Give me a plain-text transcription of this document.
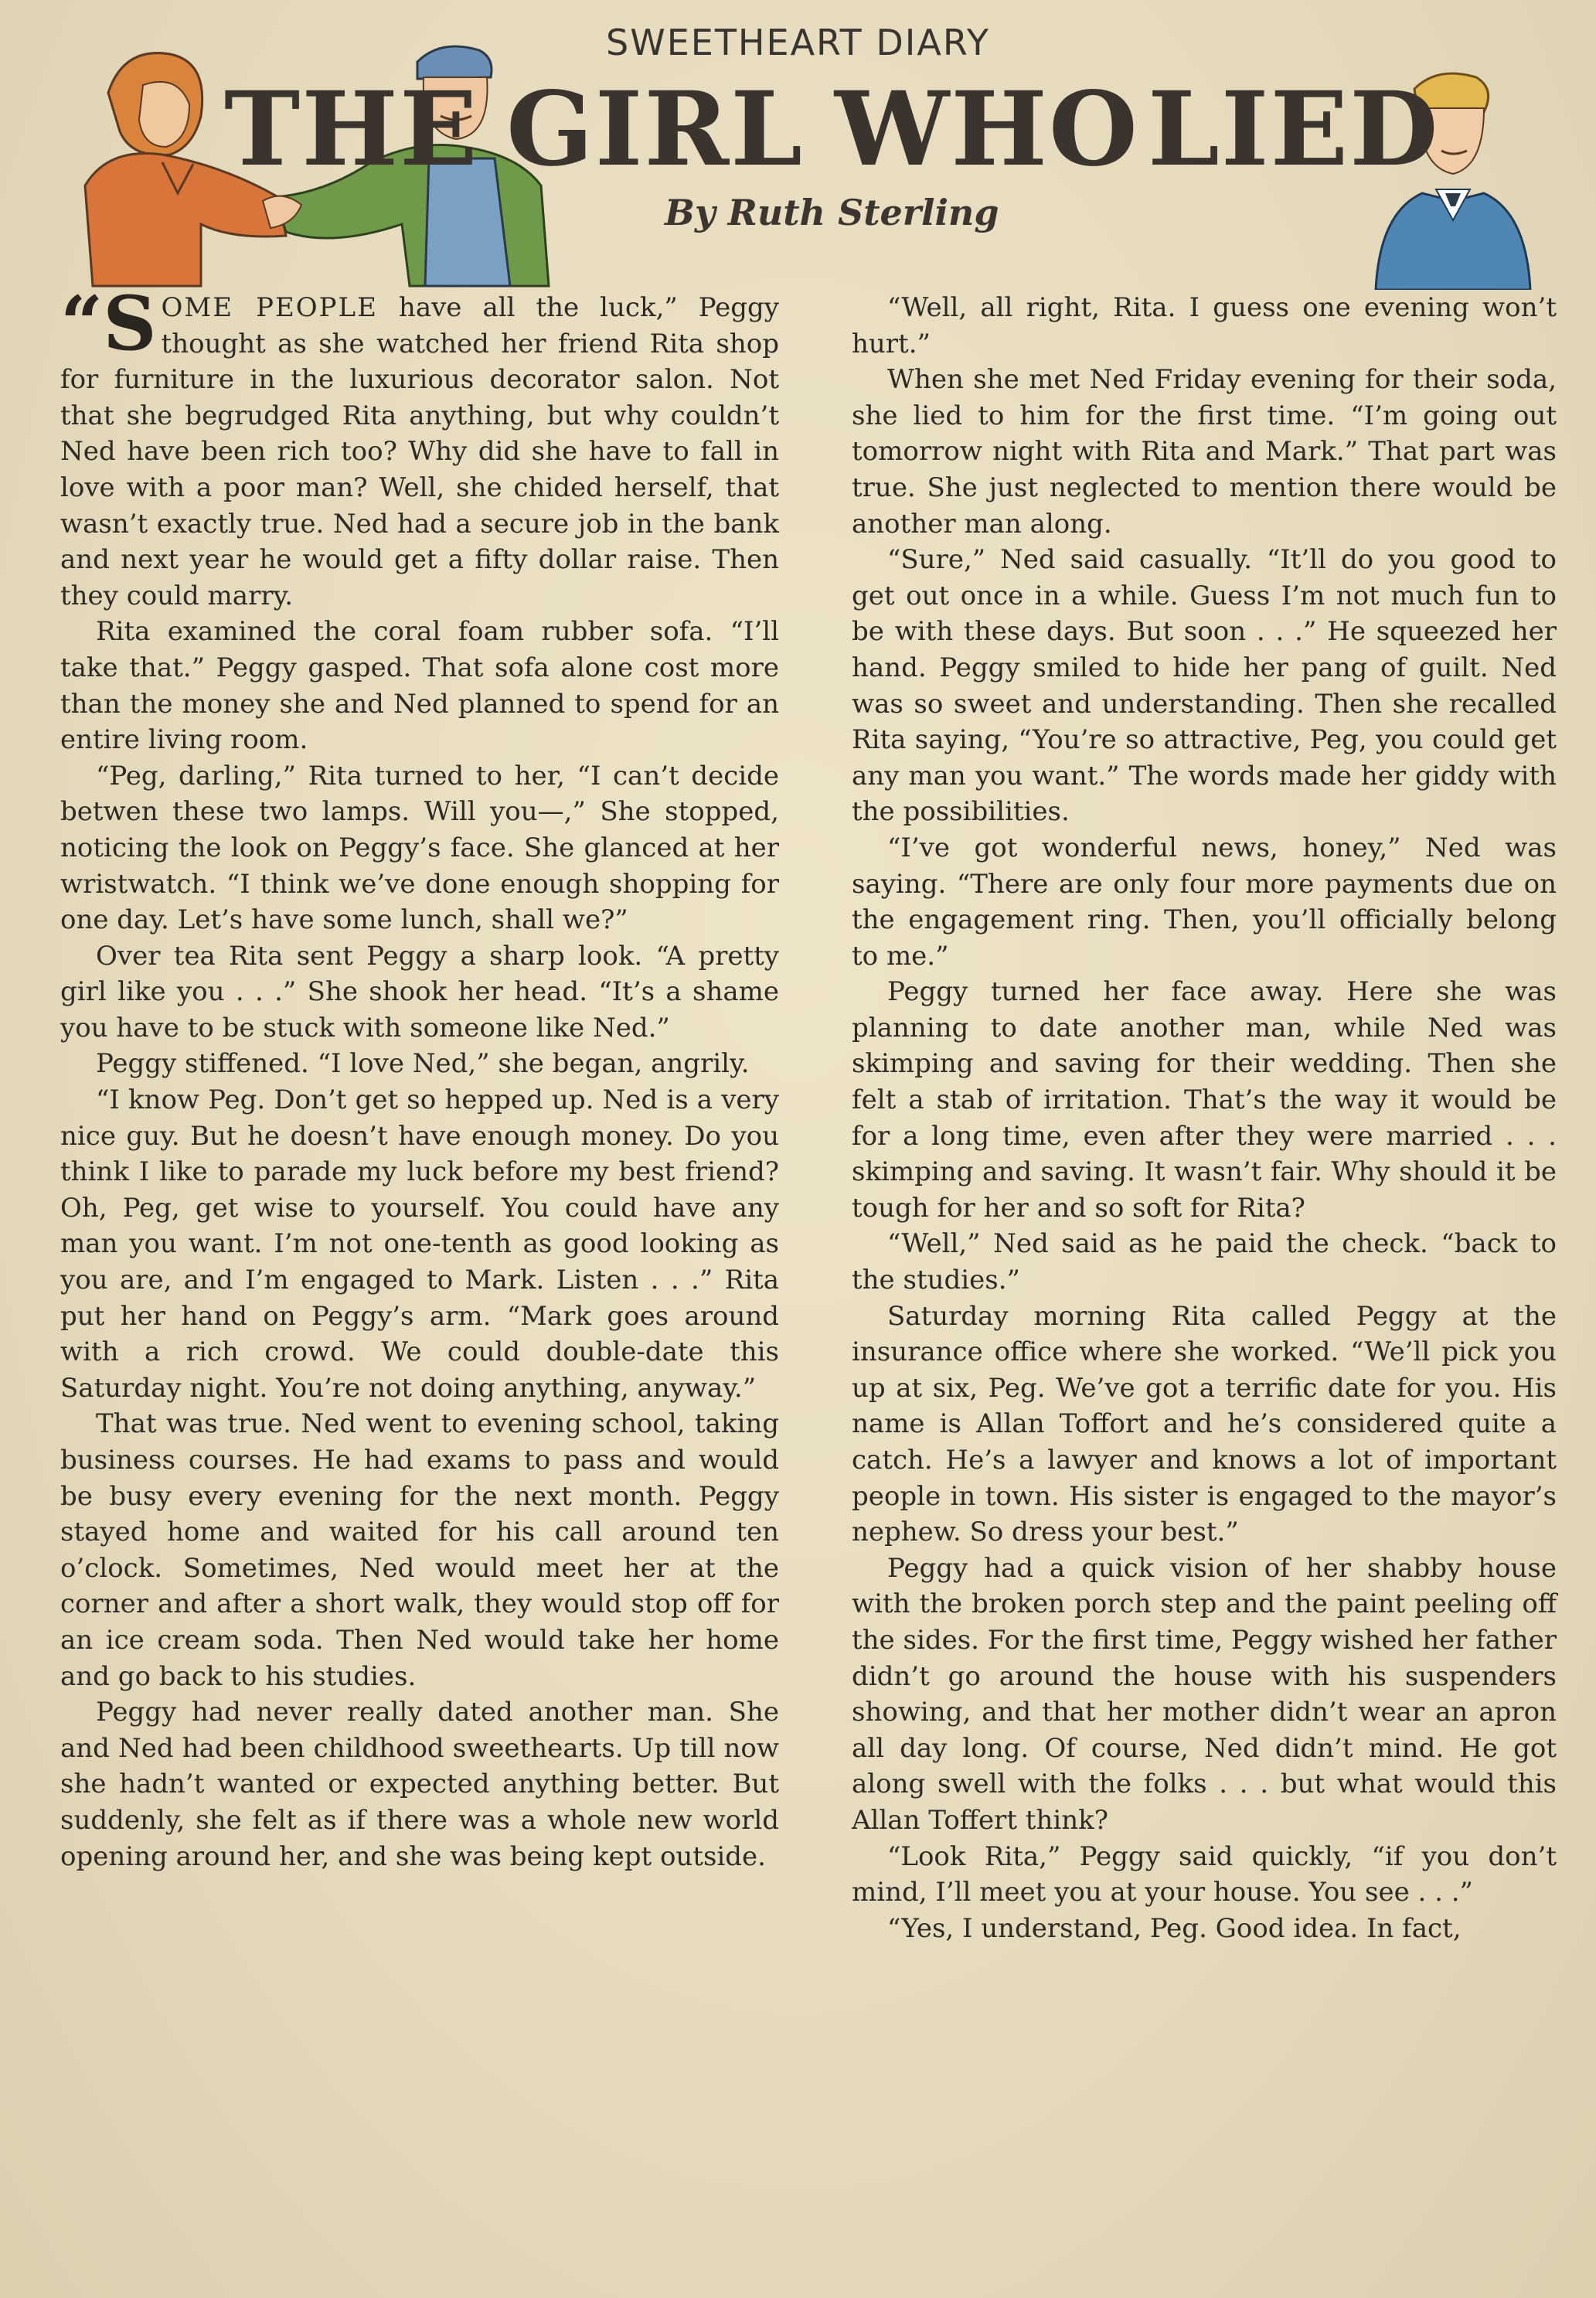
SWEETHEART DIARY
THE GIRL WHO LIED
By Ruth Sterling

“S OME PEOPLE have all the luck,” Peggy thought as she watched her friend Rita shop for furniture in the luxurious decorator salon. Not that she begrudged Rita anything, but why couldn’t Ned have been rich too? Why did she have to fall in love with a poor man? Well, she chided herself, that wasn’t exactly true. Ned had a secure job in the bank and next year he would get a fifty dollar raise. Then they could marry.

Rita examined the coral foam rubber sofa. “I’ll take that.” Peggy gasped. That sofa alone cost more than the money she and Ned planned to spend for an entire living room.

“Peg, darling,” Rita turned to her, “I can’t decide betwen these two lamps. Will you—,” She stopped, noticing the look on Peggy’s face. She glanced at her wristwatch. “I think we’ve done enough shopping for one day. Let’s have some lunch, shall we?”

Over tea Rita sent Peggy a sharp look. “A pretty girl like you . . .” She shook her head. “It’s a shame you have to be stuck with someone like Ned.”

Peggy stiffened. “I love Ned,” she began, angrily.

“I know Peg. Don’t get so hepped up. Ned is a very nice guy. But he doesn’t have enough money. Do you think I like to parade my luck before my best friend? Oh, Peg, get wise to yourself. You could have any man you want. I’m not one-tenth as good looking as you are, and I’m engaged to Mark. Listen . . .” Rita put her hand on Peggy’s arm. “Mark goes around with a rich crowd. We could double-date this Saturday night. You’re not doing anything, anyway.”

That was true. Ned went to evening school, taking business courses. He had exams to pass and would be busy every evening for the next month. Peggy stayed home and waited for his call around ten o’clock. Sometimes, Ned would meet her at the corner and after a short walk, they would stop off for an ice cream soda. Then Ned would take her home and go back to his studies.

Peggy had never really dated another man. She and Ned had been childhood sweethearts. Up till now she hadn’t wanted or expected anything better. But suddenly, she felt as if there was a whole new world opening around her, and she was being kept outside.

“Well, all right, Rita. I guess one evening won’t hurt.”

When she met Ned Friday evening for their soda, she lied to him for the first time. “I’m going out tomorrow night with Rita and Mark.” That part was true. She just neglected to mention there would be another man along.

“Sure,” Ned said casually. “It’ll do you good to get out once in a while. Guess I’m not much fun to be with these days. But soon . . .” He squeezed her hand. Peggy smiled to hide her pang of guilt. Ned was so sweet and understanding. Then she recalled Rita saying, “You’re so attractive, Peg, you could get any man you want.” The words made her giddy with the possibilities.

“I’ve got wonderful news, honey,” Ned was saying. “There are only four more payments due on the engagement ring. Then, you’ll officially belong to me.”

Peggy turned her face away. Here she was planning to date another man, while Ned was skimping and saving for their wedding. Then she felt a stab of irritation. That’s the way it would be for a long time, even after they were married . . . skimping and saving. It wasn’t fair. Why should it be tough for her and so soft for Rita?

“Well,” Ned said as he paid the check. “back to the studies.”

Saturday morning Rita called Peggy at the insurance office where she worked. “We’ll pick you up at six, Peg. We’ve got a terrific date for you. His name is Allan Toffort and he’s considered quite a catch. He’s a lawyer and knows a lot of important people in town. His sister is engaged to the mayor’s nephew. So dress your best.”

Peggy had a quick vision of her shabby house with the broken porch step and the paint peeling off the sides. For the first time, Peggy wished her father didn’t go around the house with his suspenders showing, and that her mother didn’t wear an apron all day long. Of course, Ned didn’t mind. He got along swell with the folks . . . but what would this Allan Toffert think?

“Look Rita,” Peggy said quickly, “if you don’t mind, I’ll meet you at your house. You see . . .”

“Yes, I understand, Peg. Good idea. In fact,
